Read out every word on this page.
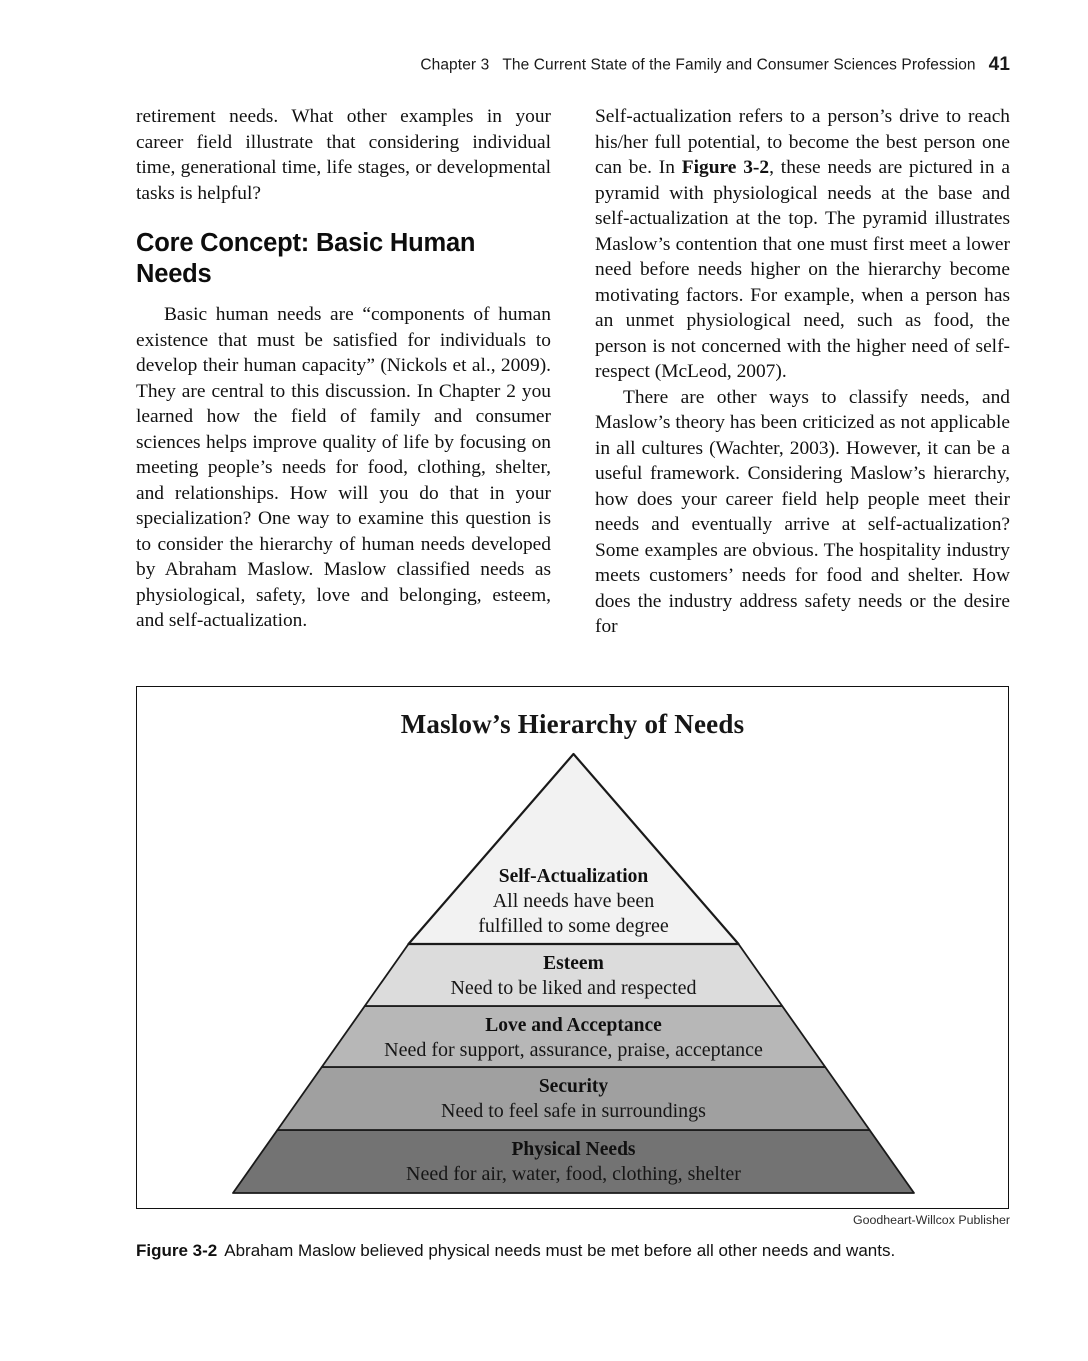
Chapter 3 The Current State of the Family and Consumer Sciences Profession 41

retirement needs. What other examples in your career field illustrate that considering individual time, generational time, life stages, or developmental tasks is helpful?

Core Concept: Basic Human Needs

Basic human needs are “components of human existence that must be satisfied for individuals to develop their human capacity” (Nickols et al., 2009). They are central to this discussion. In Chapter 2 you learned how the field of family and consumer sciences helps improve quality of life by focusing on meeting people’s needs for food, clothing, shelter, and relationships. How will you do that in your specialization? One way to examine this question is to consider the hierarchy of human needs developed by Abraham Maslow. Maslow classified needs as physiological, safety, love and belonging, esteem, and self-actualization.

Self-actualization refers to a person’s drive to reach his/her full potential, to become the best person one can be. In Figure 3-2, these needs are pictured in a pyramid with physiological needs at the base and self-actualization at the top. The pyramid illustrates Maslow’s contention that one must first meet a lower need before needs higher on the hierarchy become motivating factors. For example, when a person has an unmet physiological need, such as food, the person is not concerned with the higher need of self-respect (McLeod, 2007).

There are other ways to classify needs, and Maslow’s theory has been criticized as not applicable in all cultures (Wachter, 2003). However, it can be a useful framework. Considering Maslow’s hierarchy, how does your career field help people meet their needs and eventually arrive at self-actualization? Some examples are obvious. The hospitality industry meets customers’ needs for food and shelter. How does the industry address safety needs or the desire for

Maslow’s Hierarchy of Needs
Self-Actualization
All needs have been
fulfilled to some degree
Esteem
Need to be liked and respected
Love and Acceptance
Need for support, assurance, praise, acceptance
Security
Need to feel safe in surroundings
Physical Needs
Need for air, water, food, clothing, shelter
Goodheart-Willcox Publisher
Figure 3-2 Abraham Maslow believed physical needs must be met before all other needs and wants.
